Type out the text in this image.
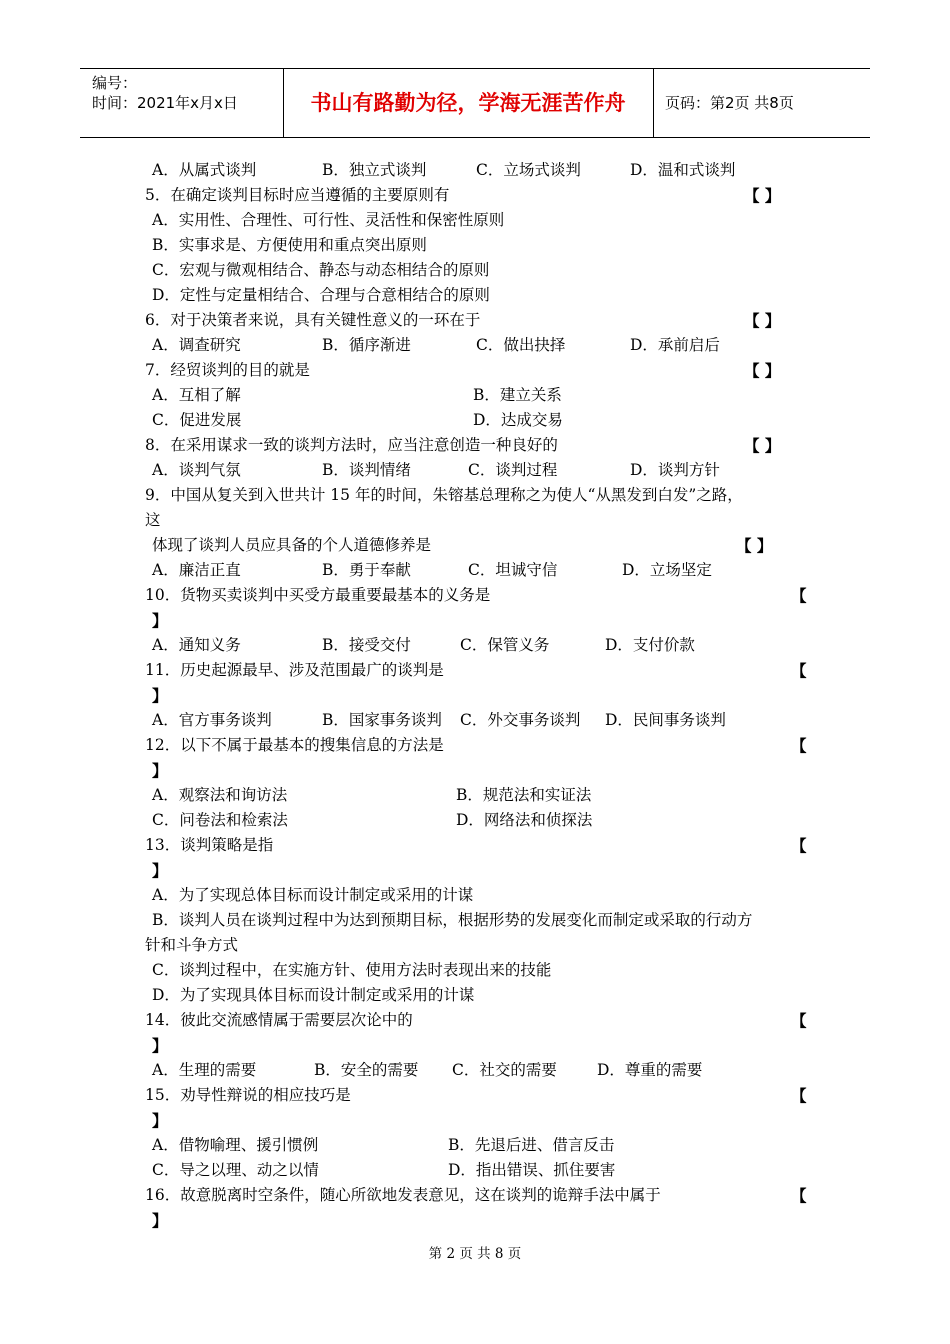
编号：
时间：2021年x月x日	书山有路勤为径，学海无涯苦作舟	页码：第2页 共8页
A．从属式谈判	B．独立式谈判	C．立场式谈判	D．温和式谈判
5．在确定谈判目标时应当遵循的主要原则有	【 】
A．实用性、合理性、可行性、灵活性和保密性原则
B．实事求是、方便使用和重点突出原则
C．宏观与微观相结合、静态与动态相结合的原则
D．定性与定量相结合、合理与合意相结合的原则
6．对于决策者来说，具有关键性意义的一环在于	【 】
A．调查研究	B．循序渐进	C．做出抉择	D．承前启后
7．经贸谈判的目的就是	【 】
A．互相了解	B．建立关系
C．促进发展	D．达成交易
8．在采用谋求一致的谈判方法时，应当注意创造一种良好的	【 】
A．谈判气氛	B．谈判情绪	C．谈判过程	D．谈判方针
9．中国从复关到入世共计 15 年的时间，朱镕基总理称之为使人“从黑发到白发”之路，
这
体现了谈判人员应具备的个人道德修养是	【 】
A．廉洁正直	B．勇于奉献	C．坦诚守信	D．立场坚定
10．货物买卖谈判中买受方最重要最基本的义务是	【
】
A．通知义务	B．接受交付	C．保管义务	D．支付价款
11．历史起源最早、涉及范围最广的谈判是	【
】
A．官方事务谈判	B．国家事务谈判 C．外交事务谈判 D．民间事务谈判
12．以下不属于最基本的搜集信息的方法是	【
】
A．观察法和询访法	B．规范法和实证法
C．问卷法和检索法	D．网络法和侦探法
13．谈判策略是指	【
】
A．为了实现总体目标而设计制定或采用的计谋
B．谈判人员在谈判过程中为达到预期目标，根据形势的发展变化而制定或采取的行动方
针和斗争方式
C．谈判过程中，在实施方针、使用方法时表现出来的技能
D．为了实现具体目标而设计制定或采用的计谋
14．彼此交流感情属于需要层次论中的	【
】
A．生理的需要	B．安全的需要 C．社交的需要	D．尊重的需要
15．劝导性辩说的相应技巧是	【
】
A．借物喻理、援引惯例	B．先退后进、借言反击
C．导之以理、动之以情	D．指出错误、抓住要害
16．故意脱离时空条件，随心所欲地发表意见，这在谈判的诡辩手法中属于	【
】
第 2 页 共 8 页
